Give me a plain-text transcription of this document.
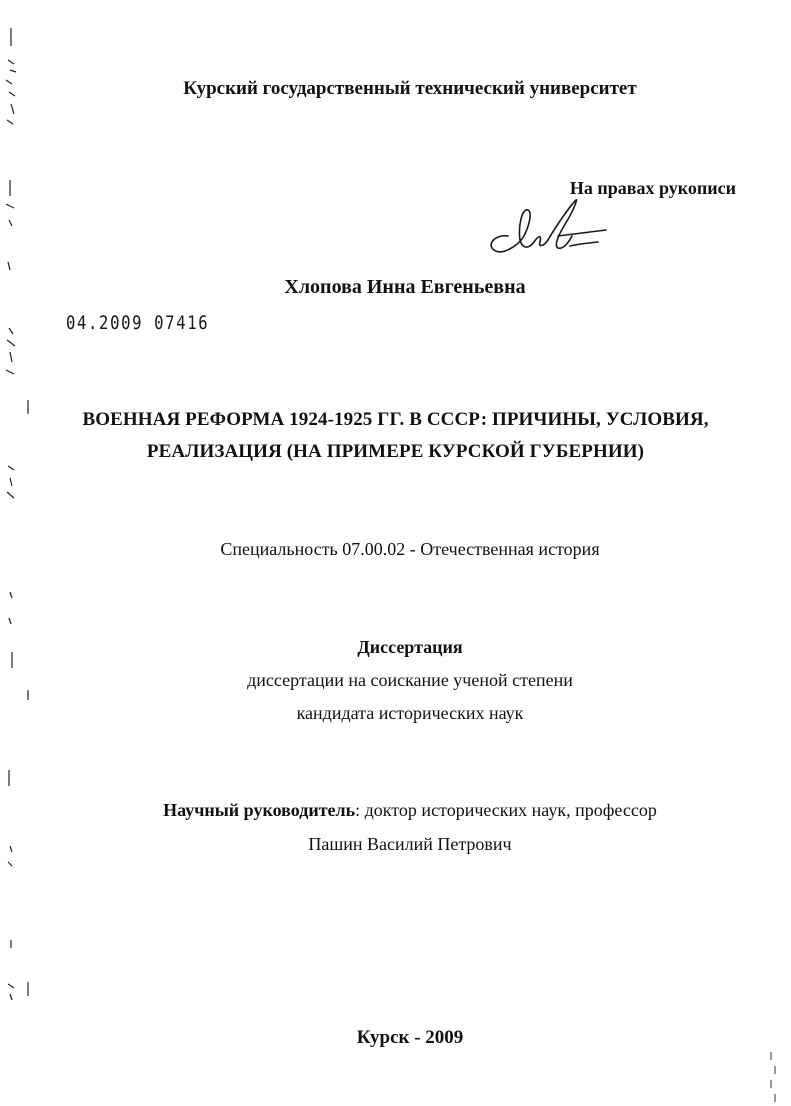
Курский государственный технический университет
На правах рукописи
Хлопова Инна Евгеньевна
04.2009 07416
ВОЕННАЯ РЕФОРМА 1924-1925 ГГ. В СССР: ПРИЧИНЫ, УСЛОВИЯ,
РЕАЛИЗАЦИЯ (НА ПРИМЕРЕ КУРСКОЙ ГУБЕРНИИ)
Специальность 07.00.02 - Отечественная история
Диссертация
диссертации на соискание ученой степени
кандидата исторических наук
Научный руководитель: доктор исторических наук, профессор
Пашин Василий Петрович
Курск - 2009
